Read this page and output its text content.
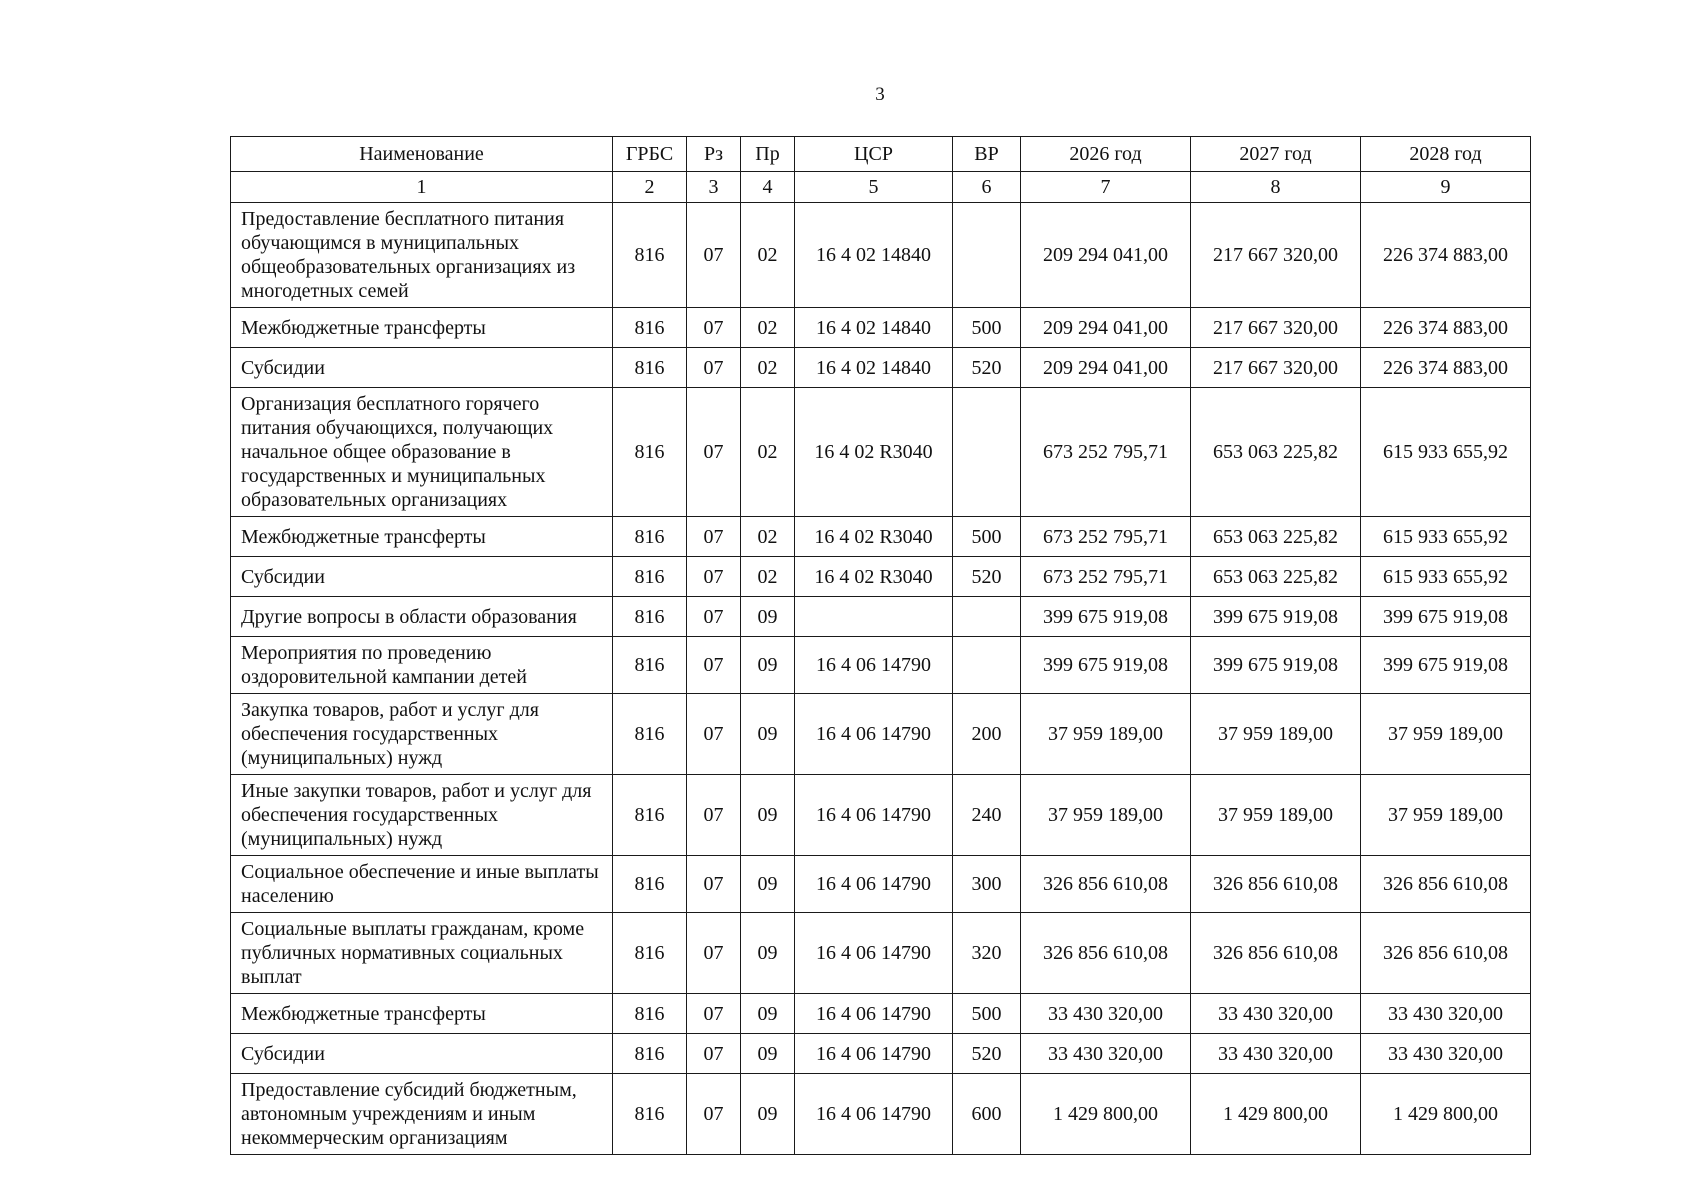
3
Наименование	ГРБС	Рз	Пр	ЦСР	ВР	2026 год	2027 год	2028 год
1	2	3	4	5	6	7	8	9
Предоставление бесплатного питания обучающимся в муниципальных общеобразовательных организациях из многодетных семей	816	07	02	16 4 02 14840		209 294 041,00	217 667 320,00	226 374 883,00
Межбюджетные трансферты	816	07	02	16 4 02 14840	500	209 294 041,00	217 667 320,00	226 374 883,00
Субсидии	816	07	02	16 4 02 14840	520	209 294 041,00	217 667 320,00	226 374 883,00
Организация бесплатного горячего питания обучающихся, получающих начальное общее образование в государственных и муниципальных образовательных организациях	816	07	02	16 4 02 R3040		673 252 795,71	653 063 225,82	615 933 655,92
Межбюджетные трансферты	816	07	02	16 4 02 R3040	500	673 252 795,71	653 063 225,82	615 933 655,92
Субсидии	816	07	02	16 4 02 R3040	520	673 252 795,71	653 063 225,82	615 933 655,92
Другие вопросы в области образования	816	07	09			399 675 919,08	399 675 919,08	399 675 919,08
Мероприятия по проведению оздоровительной кампании детей	816	07	09	16 4 06 14790		399 675 919,08	399 675 919,08	399 675 919,08
Закупка товаров, работ и услуг для обеспечения государственных (муниципальных) нужд	816	07	09	16 4 06 14790	200	37 959 189,00	37 959 189,00	37 959 189,00
Иные закупки товаров, работ и услуг для обеспечения государственных (муниципальных) нужд	816	07	09	16 4 06 14790	240	37 959 189,00	37 959 189,00	37 959 189,00
Социальное обеспечение и иные выплаты населению	816	07	09	16 4 06 14790	300	326 856 610,08	326 856 610,08	326 856 610,08
Социальные выплаты гражданам, кроме публичных нормативных социальных выплат	816	07	09	16 4 06 14790	320	326 856 610,08	326 856 610,08	326 856 610,08
Межбюджетные трансферты	816	07	09	16 4 06 14790	500	33 430 320,00	33 430 320,00	33 430 320,00
Субсидии	816	07	09	16 4 06 14790	520	33 430 320,00	33 430 320,00	33 430 320,00
Предоставление субсидий бюджетным, автономным учреждениям и иным некоммерческим организациям	816	07	09	16 4 06 14790	600	1 429 800,00	1 429 800,00	1 429 800,00
